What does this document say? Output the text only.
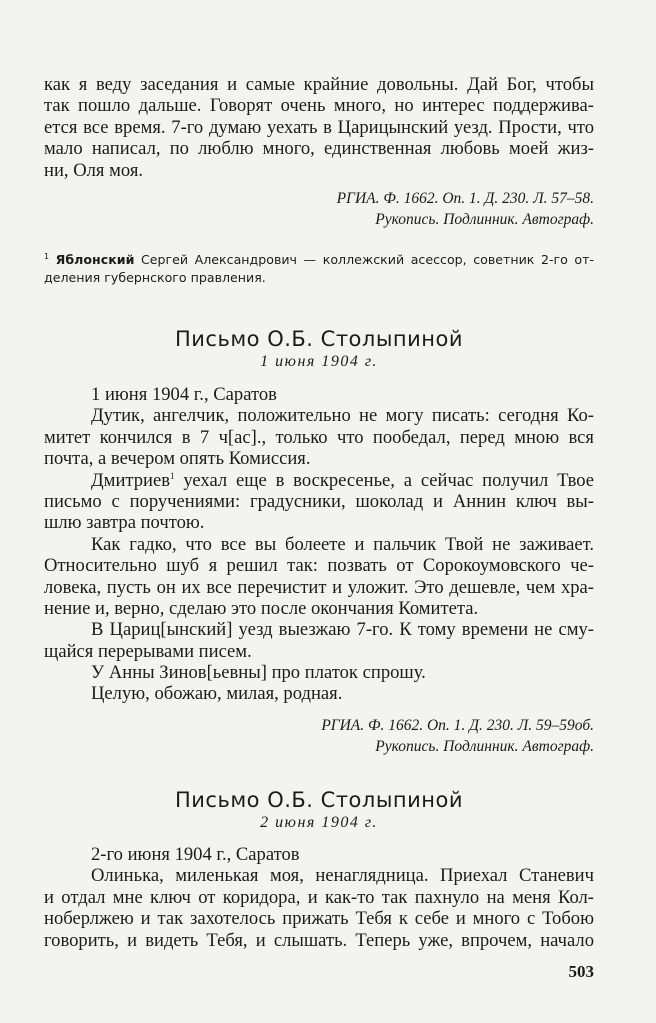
как я веду заседания и самые крайние довольны. Дай Бог, чтобы
так пошло дальше. Говорят очень много, но интерес поддержива-
ется все время. 7-го думаю уехать в Царицынский уезд. Прости, что
мало написал, по люблю много, единственная любовь моей жиз-
ни, Оля моя.
РГИА. Ф. 1662. Оп. 1. Д. 230. Л. 57–58.
Рукопись. Подлинник. Автограф.
$^1$ Яблонский Сергей Александрович — коллежский асессор, советник 2-го от-
деления губернского правления.
Письмо О.Б. Столыпиной
1 июня 1904 г.
1 июня 1904 г., Саратов
Дутик, ангелчик, положительно не могу писать: сегодня Ко-
митет кончился в 7 ч[ас]., только что пообедал, перед мною вся
почта, а вечером опять Комиссия.
Дмитриев$^1$ уехал еще в воскресенье, а сейчас получил Твое
письмо с поручениями: градусники, шоколад и Аннин ключ вы-
шлю завтра почтою.
Как гадко, что все вы болеете и пальчик Твой не заживает.
Относительно шуб я решил так: позвать от Сорокоумовского че-
ловека, пусть он их все перечистит и уложит. Это дешевле, чем хра-
нение и, верно, сделаю это после окончания Комитета.
В Цариц[ынский] уезд выезжаю 7-го. К тому времени не сму-
щайся перерывами писем.
У Анны Зинов[ьевны] про платок спрошу.
Целую, обожаю, милая, родная.
РГИА. Ф. 1662. Оп. 1. Д. 230. Л. 59–59об.
Рукопись. Подлинник. Автограф.
Письмо О.Б. Столыпиной
2 июня 1904 г.
2-го июня 1904 г., Саратов
Олинька, миленькая моя, ненаглядница. Приехал Станевич
и отдал мне ключ от коридора, и как-то так пахнуло на меня Кол-
ноберлжею и так захотелось прижать Тебя к себе и много с Тобою
говорить, и видеть Тебя, и слышать. Теперь уже, впрочем, начало
503
